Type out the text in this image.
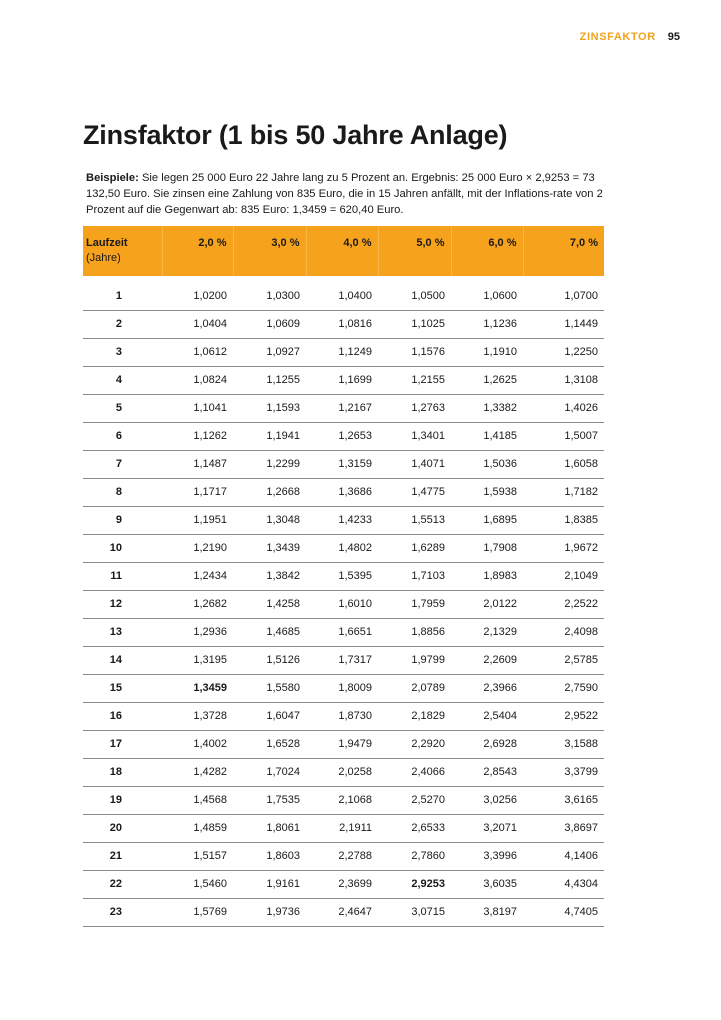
ZINSFAKTOR 95
Zinsfaktor (1 bis 50 Jahre Anlage)

Beispiele: Sie legen 25 000 Euro 22 Jahre lang zu 5 Prozent an. Ergebnis: 25 000 Euro × 2,9253 = 73 132,50 Euro. Sie zinsen eine Zahlung von 835 Euro, die in 15 Jahren anfällt, mit der Inflations-rate von 2 Prozent auf die Gegenwart ab: 835 Euro: 1,3459 = 620,40 Euro.

Laufzeit
(Jahre)	2,0 %	3,0 %	4,0 %	5,0 %	6,0 %	7,0 %

1	1,0200	1,0300	1,0400	1,0500	1,0600	1,0700
2	1,0404	1,0609	1,0816	1,1025	1,1236	1,1449
3	1,0612	1,0927	1,1249	1,1576	1,1910	1,2250
4	1,0824	1,1255	1,1699	1,2155	1,2625	1,3108
5	1,1041	1,1593	1,2167	1,2763	1,3382	1,4026
6	1,1262	1,1941	1,2653	1,3401	1,4185	1,5007
7	1,1487	1,2299	1,3159	1,4071	1,5036	1,6058
8	1,1717	1,2668	1,3686	1,4775	1,5938	1,7182
9	1,1951	1,3048	1,4233	1,5513	1,6895	1,8385
10	1,2190	1,3439	1,4802	1,6289	1,7908	1,9672
11	1,2434	1,3842	1,5395	1,7103	1,8983	2,1049
12	1,2682	1,4258	1,6010	1,7959	2,0122	2,2522
13	1,2936	1,4685	1,6651	1,8856	2,1329	2,4098
14	1,3195	1,5126	1,7317	1,9799	2,2609	2,5785
15	1,3459	1,5580	1,8009	2,0789	2,3966	2,7590
16	1,3728	1,6047	1,8730	2,1829	2,5404	2,9522
17	1,4002	1,6528	1,9479	2,2920	2,6928	3,1588
18	1,4282	1,7024	2,0258	2,4066	2,8543	3,3799
19	1,4568	1,7535	2,1068	2,5270	3,0256	3,6165
20	1,4859	1,8061	2,1911	2,6533	3,2071	3,8697
21	1,5157	1,8603	2,2788	2,7860	3,3996	4,1406
22	1,5460	1,9161	2,3699	2,9253	3,6035	4,4304
23	1,5769	1,9736	2,4647	3,0715	3,8197	4,7405
